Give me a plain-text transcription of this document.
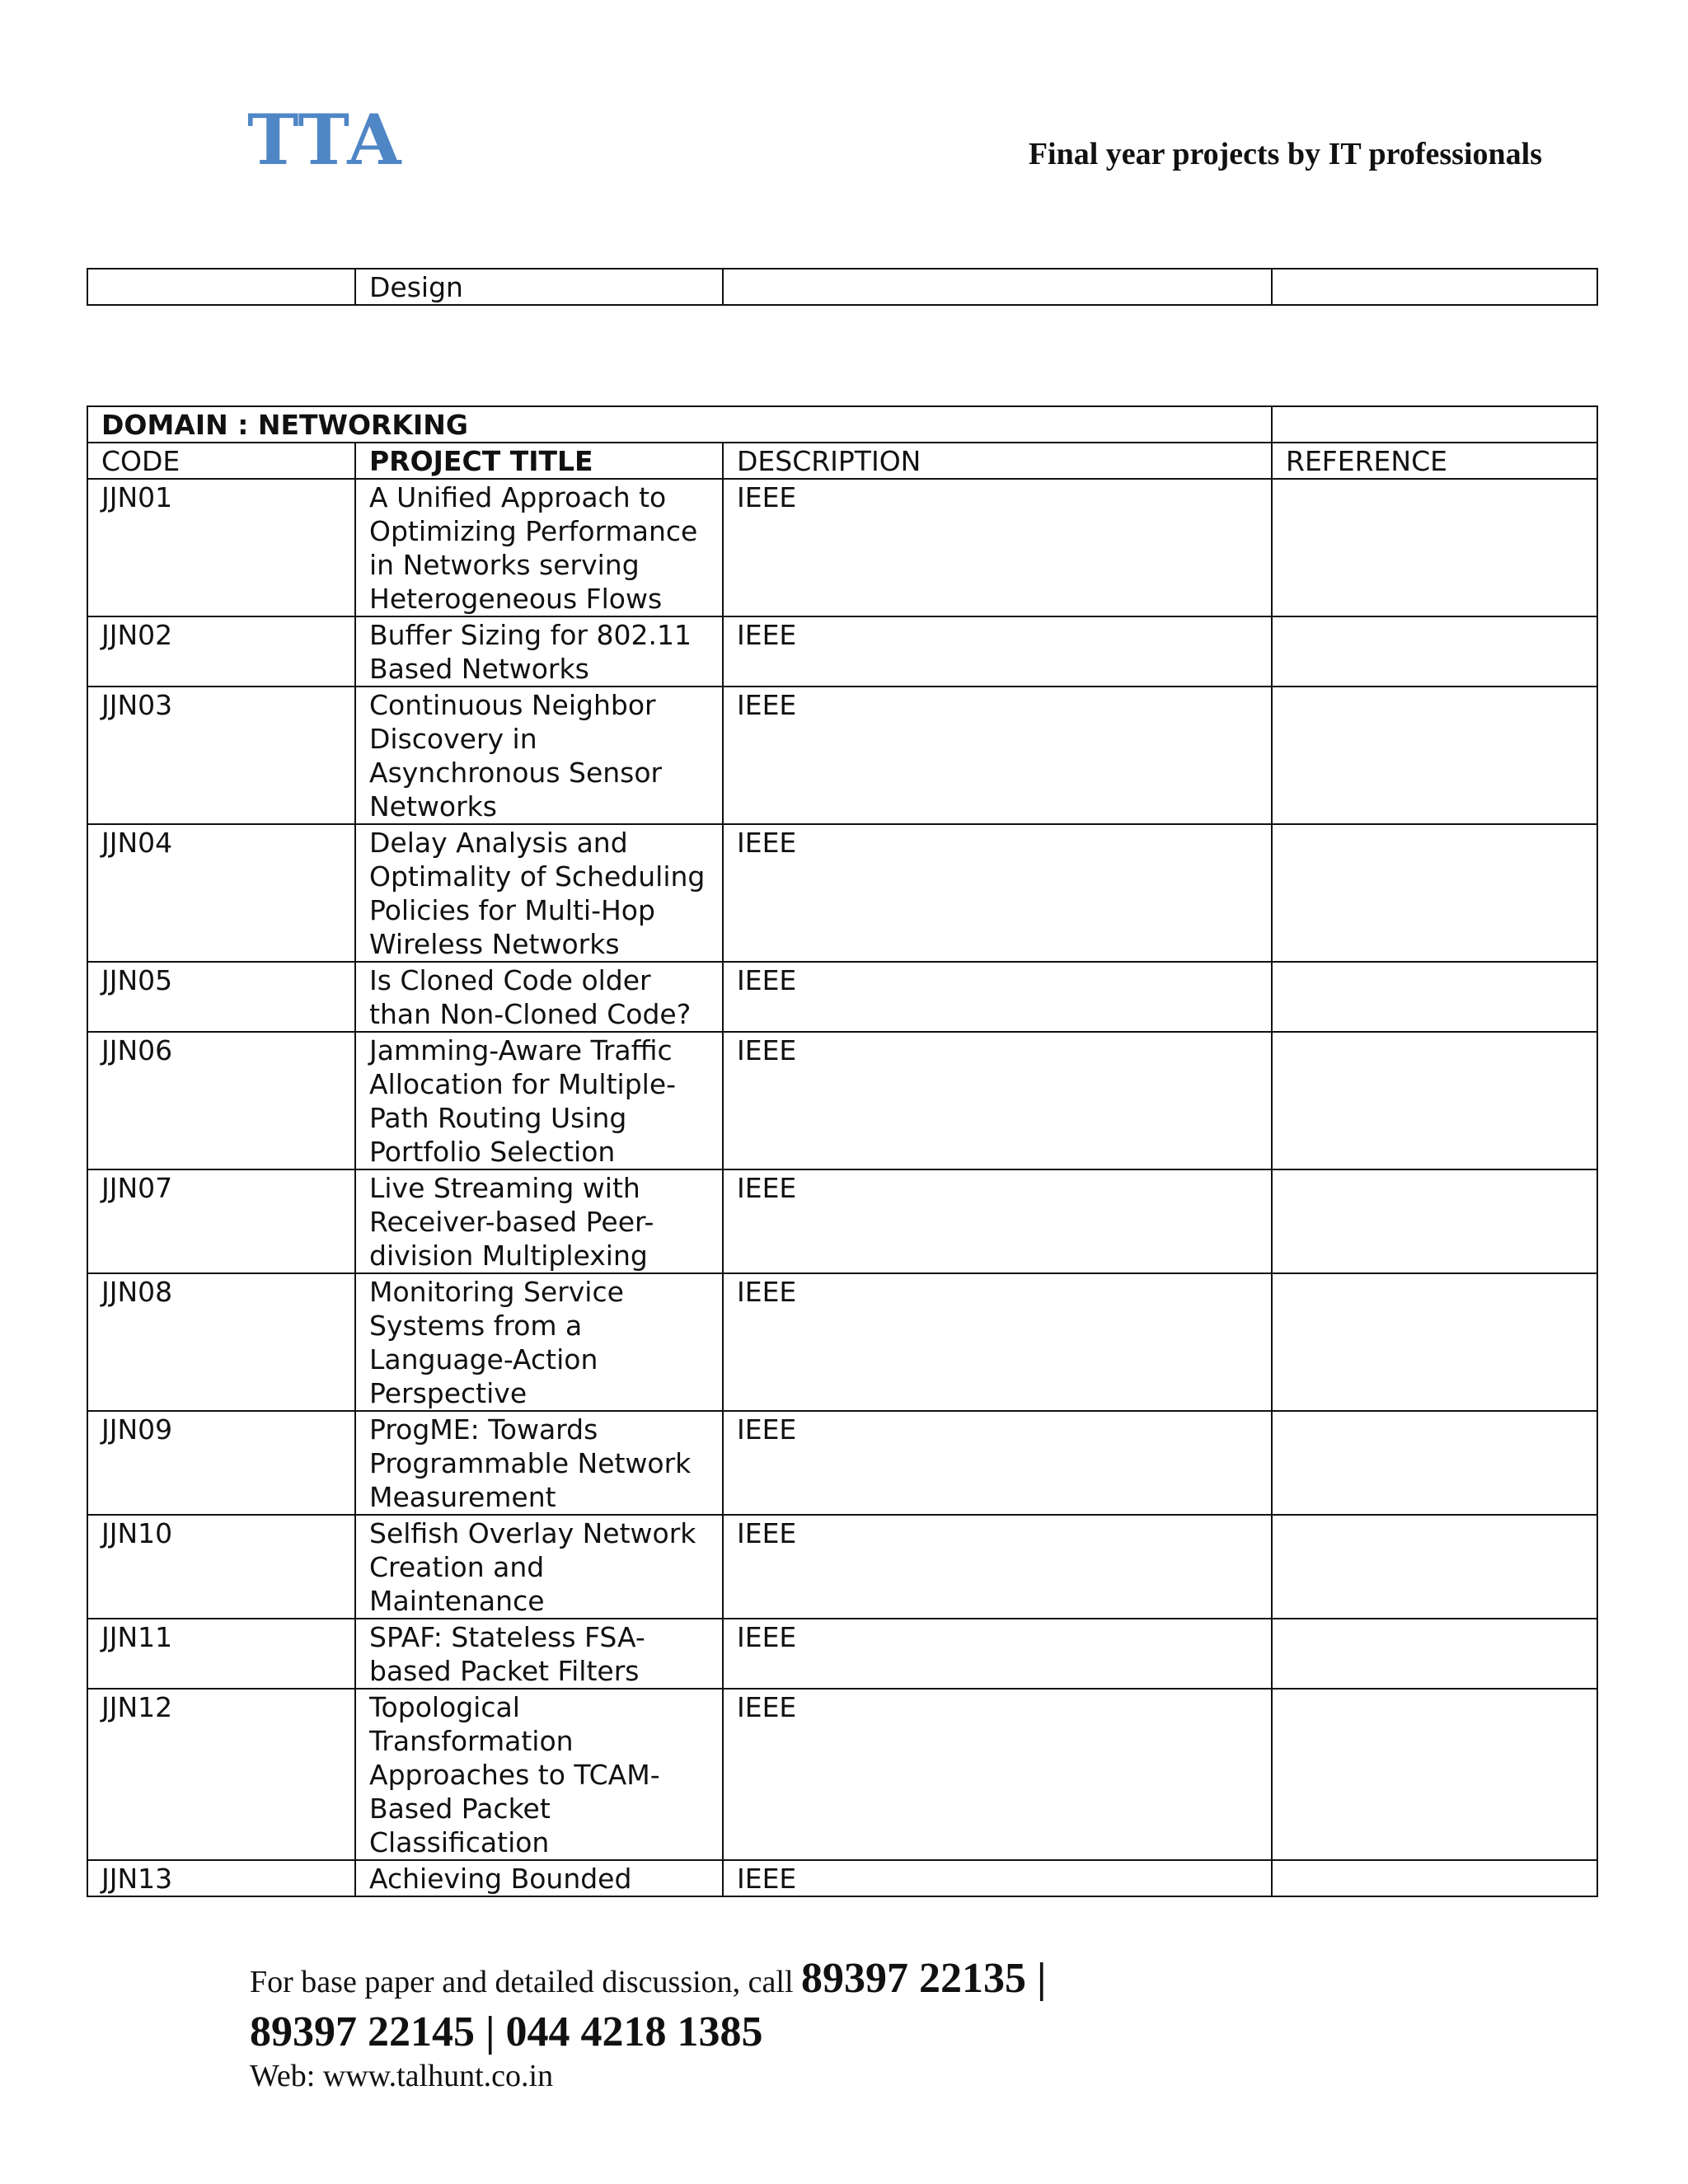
TTA	Final year projects by IT professionals
	Design		
DOMAIN : NETWORKING			
CODE	PROJECT TITLE	DESCRIPTION	REFERENCE
JJN01	A Unified Approach to Optimizing Performance in Networks serving Heterogeneous Flows	IEEE	
JJN02	Buffer Sizing for 802.11 Based Networks	IEEE	
JJN03	Continuous Neighbor Discovery in Asynchronous Sensor Networks	IEEE	
JJN04	Delay Analysis and Optimality of Scheduling Policies for Multi-Hop Wireless Networks	IEEE	
JJN05	Is Cloned Code older than Non-Cloned Code?	IEEE	
JJN06	Jamming-Aware Traffic Allocation for Multiple-Path Routing Using Portfolio Selection	IEEE	
JJN07	Live Streaming with Receiver-based Peer-division Multiplexing	IEEE	
JJN08	Monitoring Service Systems from a Language-Action Perspective	IEEE	
JJN09	ProgME: Towards Programmable Network Measurement	IEEE	
JJN10	Selfish Overlay Network Creation and Maintenance	IEEE	
JJN11	SPAF: Stateless FSA-based Packet Filters	IEEE	
JJN12	Topological Transformation Approaches to TCAM-Based Packet Classification	IEEE	
JJN13	Achieving Bounded	IEEE	
For base paper and detailed discussion, call 89397 22135 |
89397 22145 | 044 4218 1385
Web: www.talhunt.co.in
